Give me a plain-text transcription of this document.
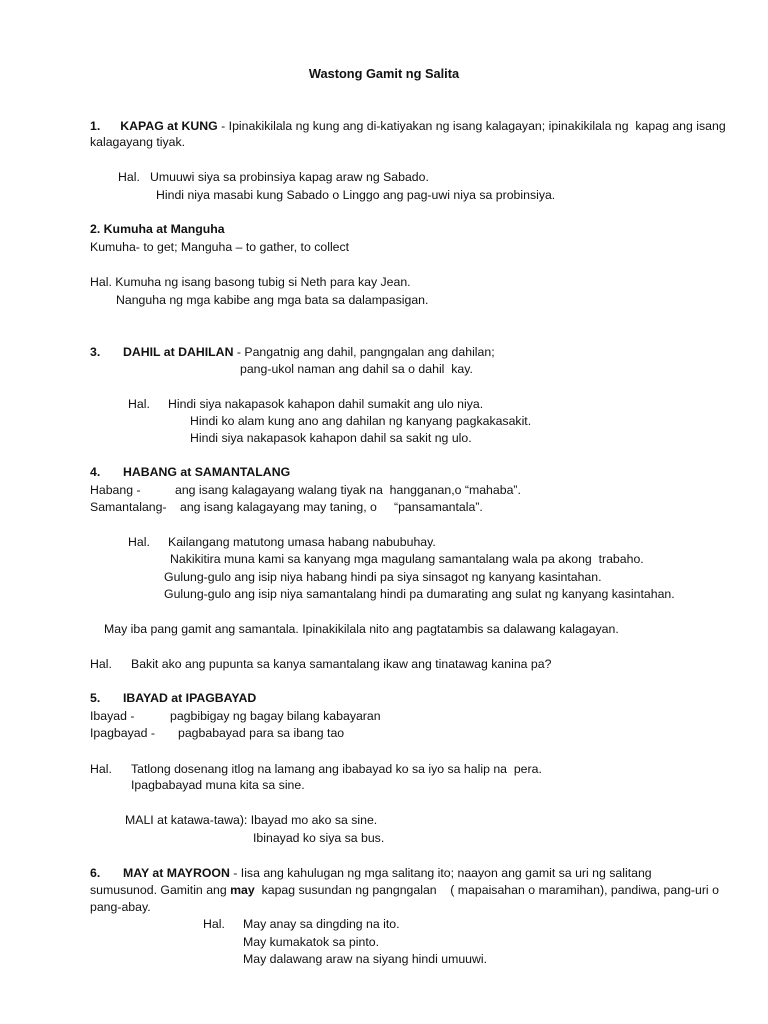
Wastong Gamit ng Salita
1. KAPAG at KUNG - Ipinakikilala ng kung ang di-katiyakan ng isang kalagayan; ipinakikilala ng  kapag ang isang
kalagayang tiyak.
Hal. Umuuwi siya sa probinsiya kapag araw ng Sabado.
Hindi niya masabi kung Sabado o Linggo ang pag-uwi niya sa probinsiya.
2. Kumuha at Manguha
Kumuha- to get; Manguha – to gather, to collect
Hal. Kumuha ng isang basong tubig si Neth para kay Jean.
Nanguha ng mga kabibe ang mga bata sa dalampasigan.
3. DAHIL at DAHILAN - Pangatnig ang dahil, pangngalan ang dahilan;
pang-ukol naman ang dahil sa o dahil  kay.
Hal. Hindi siya nakapasok kahapon dahil sumakit ang ulo niya.
Hindi ko alam kung ano ang dahilan ng kanyang pagkakasakit.
Hindi siya nakapasok kahapon dahil sa sakit ng ulo.
4. HABANG at SAMANTALANG
Habang -	ang isang kalagayang walang tiyak na  hangganan,o “mahaba”.
Samantalang- ang isang kalagayang may taning, o     “pansamantala”.
Hal. Kailangang matutong umasa habang nabubuhay.
Nakikitira muna kami sa kanyang mga magulang samantalang wala pa akong  trabaho.
Gulung-gulo ang isip niya habang hindi pa siya sinsagot ng kanyang kasintahan.
Gulung-gulo ang isip niya samantalang hindi pa dumarating ang sulat ng kanyang kasintahan.
May iba pang gamit ang samantala. Ipinakikilala nito ang pagtatambis sa dalawang kalagayan.
Hal. Bakit ako ang pupunta sa kanya samantalang ikaw ang tinatawag kanina pa?
5. IBAYAD at IPAGBAYAD
Ibayad -	pagbibigay ng bagay bilang kabayaran
Ipagbayad - pagbabayad para sa ibang tao
Hal. Tatlong dosenang itlog na lamang ang ibabayad ko sa iyo sa halip na  pera.
Ipagbabayad muna kita sa sine.
MALI at katawa-tawa): Ibayad mo ako sa sine.
Ibinayad ko siya sa bus.
6. MAY at MAYROON - Iisa ang kahulugan ng mga salitang ito; naayon ang gamit sa uri ng salitang
sumusunod. Gamitin ang may  kapag susundan ng pangngalan    ( mapaisahan o maramihan), pandiwa, pang-uri o
pang-abay.
Hal. May anay sa dingding na ito.
May kumakatok sa pinto.
May dalawang araw na siyang hindi umuuwi.
